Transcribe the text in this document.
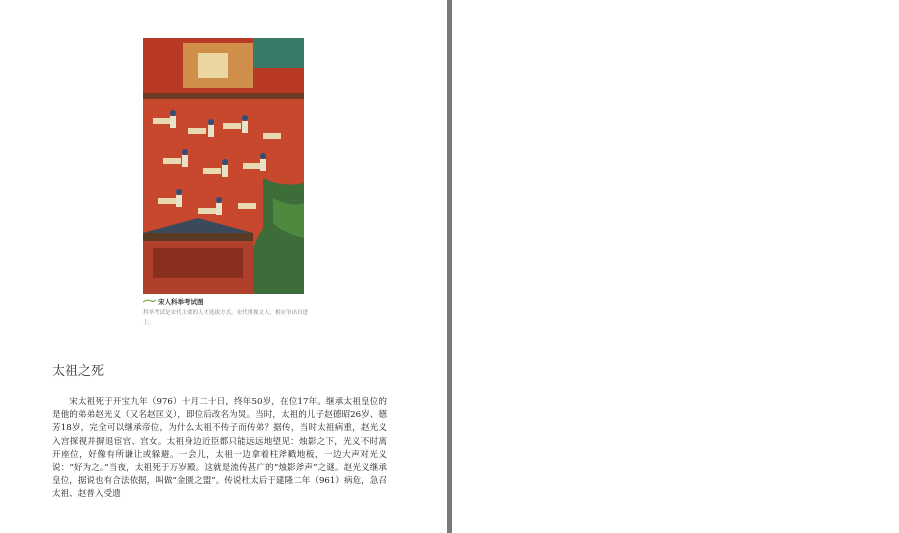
宋人科举考试图
科举考试是宋代主要的人才选拔方式。宋代重视文人，相应争出自进士。
太祖之死

宋太祖死于开宝九年（976）十月二十日，终年50岁，在位17年。继承太祖皇位的是他的弟弟赵光义（又名赵匡义），即位后改名为炅。当时，太祖的儿子赵德昭26岁、德芳18岁，完全可以继承帝位，为什么太祖不传子而传弟？据传，当时太祖病重，赵光义入宫探视并摒退宦官、宫女。太祖身边近臣都只能远远地望见：烛影之下，光义不时离开座位，好像有所谦让或躲避。一会儿，太祖一边拿着柱斧戳地板，一边大声对光义说：“好为之。”当夜，太祖死于万岁殿。这就是流传甚广的“烛影斧声”之谜。赵光义继承皇位，据说也有合法依据，叫做“金匮之盟”。传说杜太后于建隆二年（961）病危，急召太祖、赵普入受遗
